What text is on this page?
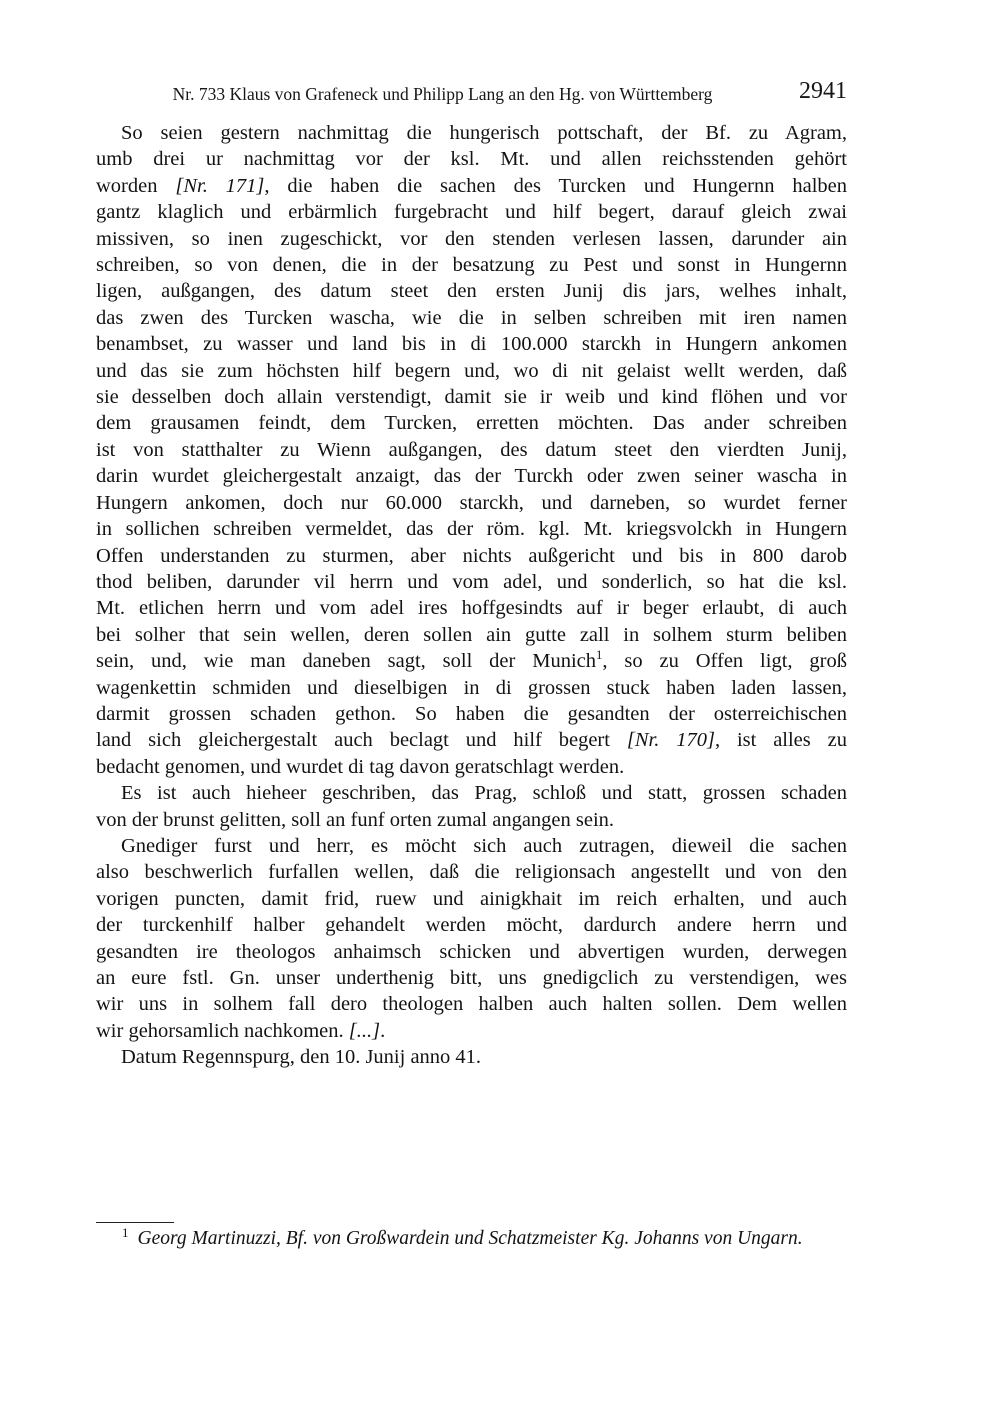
Nr. 733 Klaus von Grafeneck und Philipp Lang an den Hg. von Württemberg	2941
So seien gestern nachmittag die hungerisch pottschaft, der Bf. zu Agram,
umb drei ur nachmittag vor der ksl. Mt. und allen reichsstenden gehört
worden [Nr. 171], die haben die sachen des Turcken und Hungernn halben
gantz klaglich und erbärmlich furgebracht und hilf begert, darauf gleich zwai
missiven, so inen zugeschickt, vor den stenden verlesen lassen, darunder ain
schreiben, so von denen, die in der besatzung zu Pest und sonst in Hungernn
ligen, außgangen, des datum steet den ersten Junij dis jars, welhes inhalt,
das zwen des Turcken wascha, wie die in selben schreiben mit iren namen
benambset, zu wasser und land bis in di 100.000 starckh in Hungern ankomen
und das sie zum höchsten hilf begern und, wo di nit gelaist wellt werden, daß
sie desselben doch allain verstendigt, damit sie ir weib und kind flöhen und vor
dem grausamen feindt, dem Turcken, erretten möchten. Das ander schreiben
ist von statthalter zu Wienn außgangen, des datum steet den vierdten Junij,
darin wurdet gleichergestalt anzaigt, das der Turckh oder zwen seiner wascha in
Hungern ankomen, doch nur 60.000 starckh, und darneben, so wurdet ferner
in sollichen schreiben vermeldet, das der röm. kgl. Mt. kriegsvolckh in Hungern
Offen understanden zu sturmen, aber nichts außgericht und bis in 800 darob
thod beliben, darunder vil herrn und vom adel, und sonderlich, so hat die ksl.
Mt. etlichen herrn und vom adel ires hoffgesindts auf ir beger erlaubt, di auch
bei solher that sein wellen, deren sollen ain gutte zall in solhem sturm beliben
sein, und, wie man daneben sagt, soll der Munich$^1$, so zu Offen ligt, groß
wagenkettin schmiden und dieselbigen in di grossen stuck haben laden lassen,
darmit grossen schaden gethon. So haben die gesandten der osterreichischen
land sich gleichergestalt auch beclagt und hilf begert [Nr. 170], ist alles zu
bedacht genomen, und wurdet di tag davon geratschlagt werden.
Es ist auch hieheer geschriben, das Prag, schloß und statt, grossen schaden
von der brunst gelitten, soll an funf orten zumal angangen sein.
Gnediger furst und herr, es möcht sich auch zutragen, dieweil die sachen
also beschwerlich furfallen wellen, daß die religionsach angestellt und von den
vorigen puncten, damit frid, ruew und ainigkhait im reich erhalten, und auch
der turckenhilf halber gehandelt werden möcht, dardurch andere herrn und
gesandten ire theologos anhaimsch schicken und abvertigen wurden, derwegen
an eure fstl. Gn. unser underthenig bitt, uns gnedigclich zu verstendigen, wes
wir uns in solhem fall dero theologen halben auch halten sollen. Dem wellen
wir gehorsamlich nachkomen. [...].
Datum Regennspurg, den 10. Junij anno 41.
$^1$ Georg Martinuzzi, Bf. von Großwardein und Schatzmeister Kg. Johanns von Ungarn.
